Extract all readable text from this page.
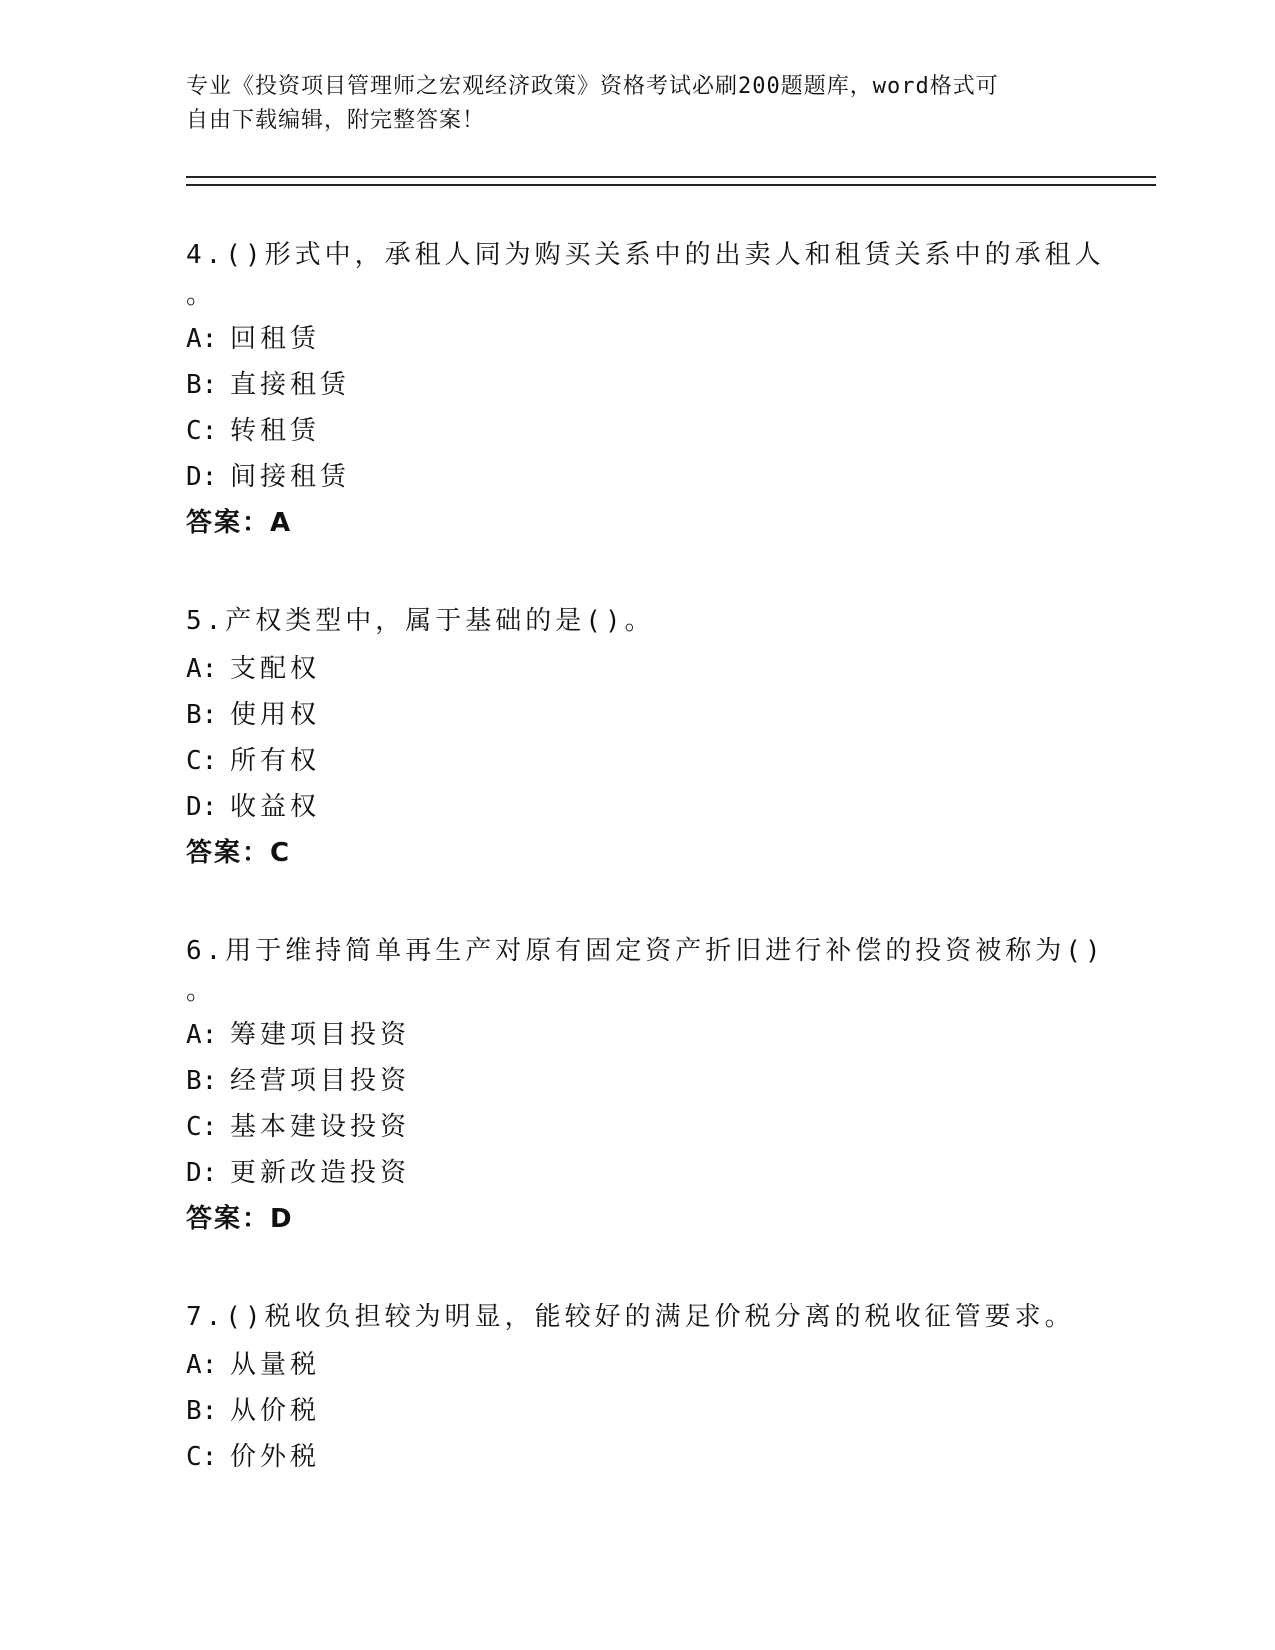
专业《投资项目管理师之宏观经济政策》资格考试必刷200题题库，word格式可
自由下载编辑，附完整答案！
4.()形式中，承租人同为购买关系中的出卖人和租赁关系中的承租人
。
A: 回租赁
B: 直接租赁
C: 转租赁
D: 间接租赁
答案：A
5.产权类型中，属于基础的是()。
A: 支配权
B: 使用权
C: 所有权
D: 收益权
答案：C
6.用于维持简单再生产对原有固定资产折旧进行补偿的投资被称为()
。
A: 筹建项目投资
B: 经营项目投资
C: 基本建设投资
D: 更新改造投资
答案：D
7.()税收负担较为明显，能较好的满足价税分离的税收征管要求。
A: 从量税
B: 从价税
C: 价外税
